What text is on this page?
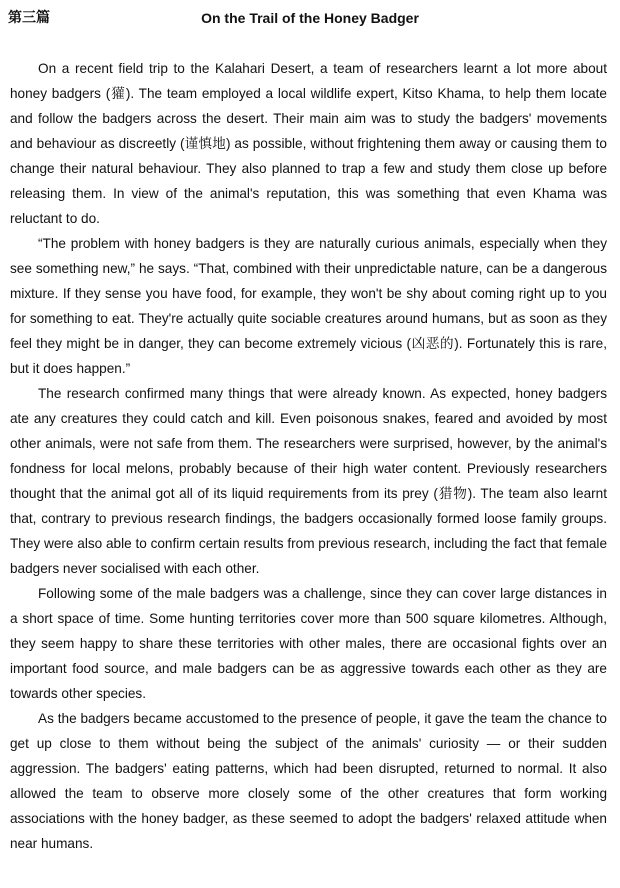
第三篇	On the Trail of the Honey Badger

On a recent field trip to the Kalahari Desert, a team of researchers learnt a lot more about honey badgers (獾). The team employed a local wildlife expert, Kitso Khama, to help them locate and follow the badgers across the desert. Their main aim was to study the badgers' movements and behaviour as discreetly (谨慎地) as possible, without frightening them away or causing them to change their natural behaviour. They also planned to trap a few and study them close up before releasing them. In view of the animal's reputation, this was something that even Khama was reluctant to do.

“The problem with honey badgers is they are naturally curious animals, especially when they see something new,” he says. “That, combined with their unpredictable nature, can be a dangerous mixture. If they sense you have food, for example, they won't be shy about coming right up to you for something to eat. They're actually quite sociable creatures around humans, but as soon as they feel they might be in danger, they can become extremely vicious (凶恶的). Fortunately this is rare, but it does happen.”

The research confirmed many things that were already known. As expected, honey badgers ate any creatures they could catch and kill. Even poisonous snakes, feared and avoided by most other animals, were not safe from them. The researchers were surprised, however, by the animal's fondness for local melons, probably because of their high water content. Previously researchers thought that the animal got all of its liquid requirements from its prey (猎物). The team also learnt that, contrary to previous research findings, the badgers occasionally formed loose family groups. They were also able to confirm certain results from previous research, including the fact that female badgers never socialised with each other.

Following some of the male badgers was a challenge, since they can cover large distances in a short space of time. Some hunting territories cover more than 500 square kilometres. Although, they seem happy to share these territories with other males, there are occasional fights over an important food source, and male badgers can be as aggressive towards each other as they are towards other species.

As the badgers became accustomed to the presence of people, it gave the team the chance to get up close to them without being the subject of the animals' curiosity — or their sudden aggression. The badgers' eating patterns, which had been disrupted, returned to normal. It also allowed the team to observe more closely some of the other creatures that form working associations with the honey badger, as these seemed to adopt the badgers' relaxed attitude when near humans.
